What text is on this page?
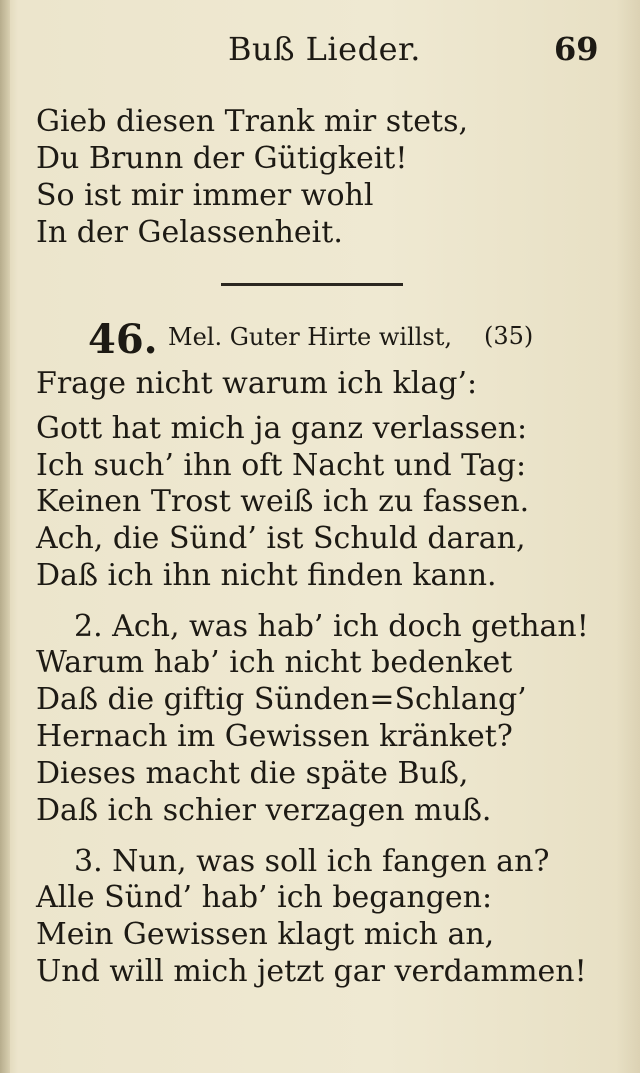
Buß Lieder.	69
Gieb diesen Trank mir stets,
Du Brunn der Gütigkeit!
So ist mir immer wohl
In der Gelassenheit.
46. Mel. Guter Hirte willst, (35)
Frage nicht warum ich klag’:
Gott hat mich ja ganz verlassen:
Ich such’ ihn oft Nacht und Tag:
Keinen Trost weiß ich zu fassen.
Ach, die Sünd’ ist Schuld daran,
Daß ich ihn nicht finden kann.
2. Ach, was hab’ ich doch gethan!
Warum hab’ ich nicht bedenket
Daß die giftig Sünden=Schlang’
Hernach im Gewissen kränket?
Dieses macht die späte Buß,
Daß ich schier verzagen muß.
3. Nun, was soll ich fangen an?
Alle Sünd’ hab’ ich begangen:
Mein Gewissen klagt mich an,
Und will mich jetzt gar verdammen!
